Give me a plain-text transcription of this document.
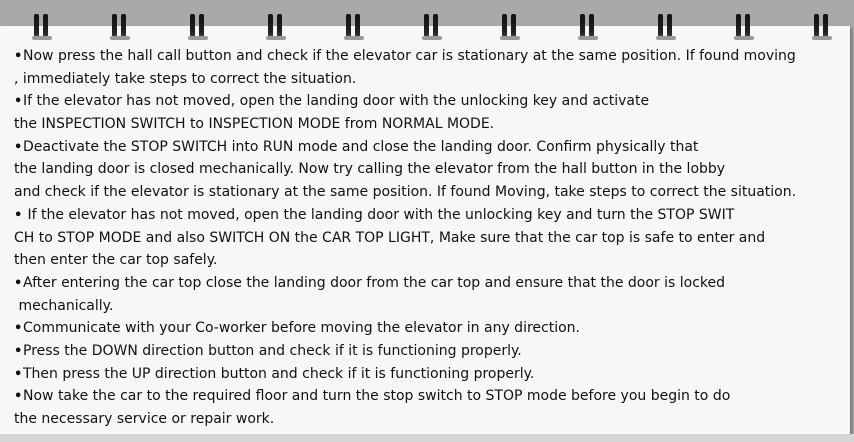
•Now press the hall call button and check if the elevator car is stationary at the same position. If found moving
, immediately take steps to correct the situation.
•If the elevator has not moved, open the landing door with the unlocking key and activate
the INSPECTION SWITCH to INSPECTION MODE from NORMAL MODE.
•Deactivate the STOP SWITCH into RUN mode and close the landing door. Confirm physically that
the landing door is closed mechanically. Now try calling the elevator from the hall button in the lobby
and check if the elevator is stationary at the same position. If found Moving, take steps to correct the situation.
• If the elevator has not moved, open the landing door with the unlocking key and turn the STOP SWIT
CH to STOP MODE and also SWITCH ON the CAR TOP LIGHT, Make sure that the car top is safe to enter and
then enter the car top safely.
•After entering the car top close the landing door from the car top and ensure that the door is locked
mechanically.
•Communicate with your Co-worker before moving the elevator in any direction.
•Press the DOWN direction button and check if it is functioning properly.
•Then press the UP direction button and check if it is functioning properly.
•Now take the car to the required floor and turn the stop switch to STOP mode before you begin to do
the necessary service or repair work.
